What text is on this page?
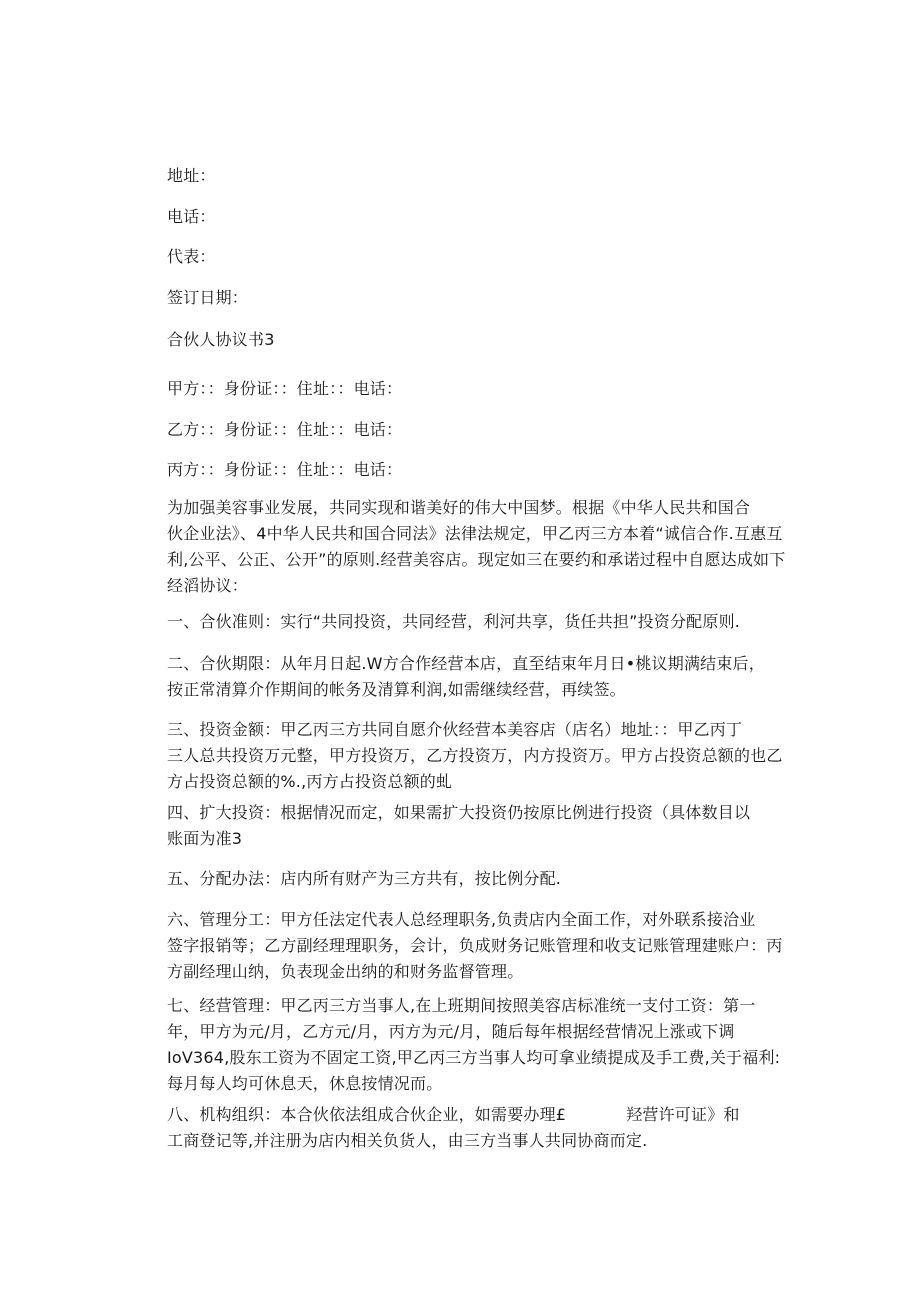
地址：
电话：
代表：
签订日期：
合伙人协议书3
甲方：：身份证：：住址：：电话：
乙方：：身份证：：住址：：电话：
丙方：：身份证：：住址：：电话：
为加强美容事业发展，共同实现和谐美好的伟大中国梦。根据《中华人民共和国合
伙企业法》、4中华人民共和国合同法》法律法规定，甲乙丙三方本着“诚信合作.互惠互
利,公平、公正、公开”的原则.经营美容店。现定如三在要约和承诺过程中自愿达成如下
经滔协议：
一、合伙准则：实行“共同投资，共同经营，利河共享，货任共担”投资分配原则.
二、合伙期限：从年月日起.W方合作经营本店，直至结束年月日•桃议期满结束后，
按正常清算介作期间的帐务及清算利润,如需继续经营，再续签。
三、投资金额：甲乙丙三方共同自愿介伙经营本美容店（店名）地址：：甲乙丙丁
三人总共投资万元整，甲方投资万，乙方投资万，内方投资万。甲方占投资总额的也乙
方占投资总额的%.,丙方占投资总额的虬
四、扩大投资：根据情况而定，如果需扩大投资仍按原比例进行投资（具体数目以
账面为准3
五、分配办法：店内所有财产为三方共有，按比例分配.
六、管理分工：甲方任法定代表人总经理职务,负责店内全面工作，对外联系接洽业
签字报销等；乙方副经理理职务，会计，负成财务记账管理和收支记账管理建账户：丙
方副经理山纳，负表现金出纳的和财务监督管理。
七、经营管理：甲乙丙三方当事人,在上班期间按照美容店标准统一支付工资：第一
年，甲方为元/月，乙方元/月，丙方为元/月，随后每年根据经营情况上涨或下调
IoV364,股东工资为不固定工资,甲乙丙三方当事人均可拿业绩提成及手工费,关于福利:
每月每人均可休息天，休息按情况而。
八、机构组织：本合伙依法组成合伙企业，如需要办理£	羟营许可证》和
工商登记等,并注册为店内相关负货人，由三方当事人共同协商而定.
